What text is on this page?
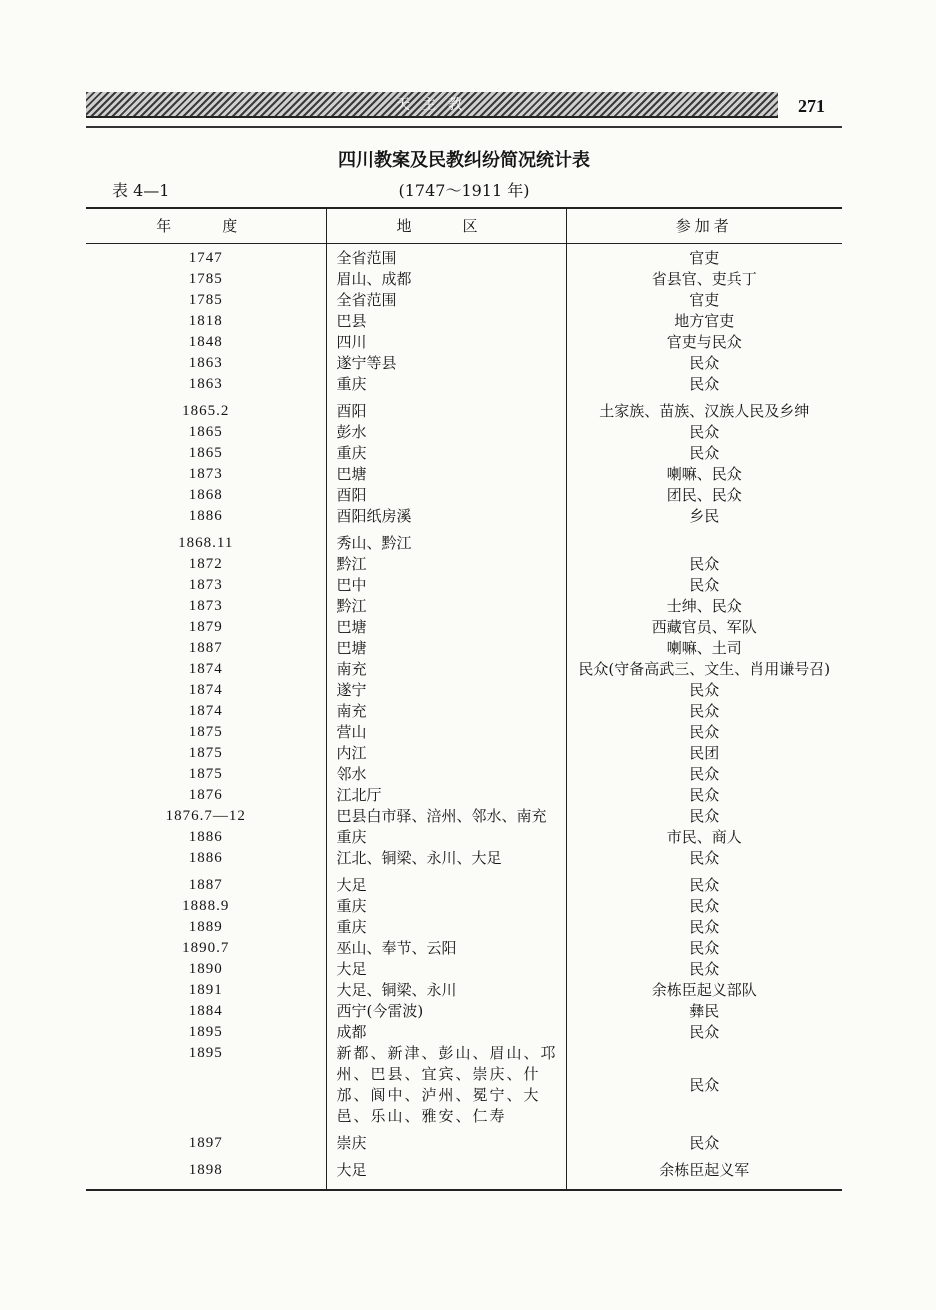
天主教	271
四川教案及民教纠纷简况统计表
表 4—1	(1747～1911 年)
年　度	地　区	参加者
1747	全省范围	官吏
1785	眉山、成都	省县官、吏兵丁
1785	全省范围	官吏
1818	巴县	地方官吏
1848	四川	官吏与民众
1863	遂宁等县	民众
1863	重庆	民众
1865.2	酉阳	土家族、苗族、汉族人民及乡绅
1865	彭水	民众
1865	重庆	民众
1873	巴塘	喇嘛、民众
1868	酉阳	团民、民众
1886	酉阳纸房溪	乡民
1868.11	秀山、黔江	
1872	黔江	民众
1873	巴中	民众
1873	黔江	士绅、民众
1879	巴塘	西藏官员、军队
1887	巴塘	喇嘛、土司
1874	南充	民众(守备高武三、文生、肖用谦号召)
1874	遂宁	民众
1874	南充	民众
1875	营山	民众
1875	内江	民团
1875	邻水	民众
1876	江北厅	民众
1876.7—12	巴县白市驿、涪州、邻水、南充	民众
1886	重庆	市民、商人
1886	江北、铜梁、永川、大足	民众
1887	大足	民众
1888.9	重庆	民众
1889	重庆	民众
1890.7	巫山、奉节、云阳	民众
1890	大足	民众
1891	大足、铜梁、永川	余栋臣起义部队
1884	西宁(今雷波)	彝民
1895	成都	民众
1895	新都、新津、彭山、眉山、邛州、巴县、宜宾、崇庆、什邡、阆中、泸州、冕宁、大邑、乐山、雅安、仁寿	民众
1897	崇庆	民众
1898	大足	余栋臣起义军
